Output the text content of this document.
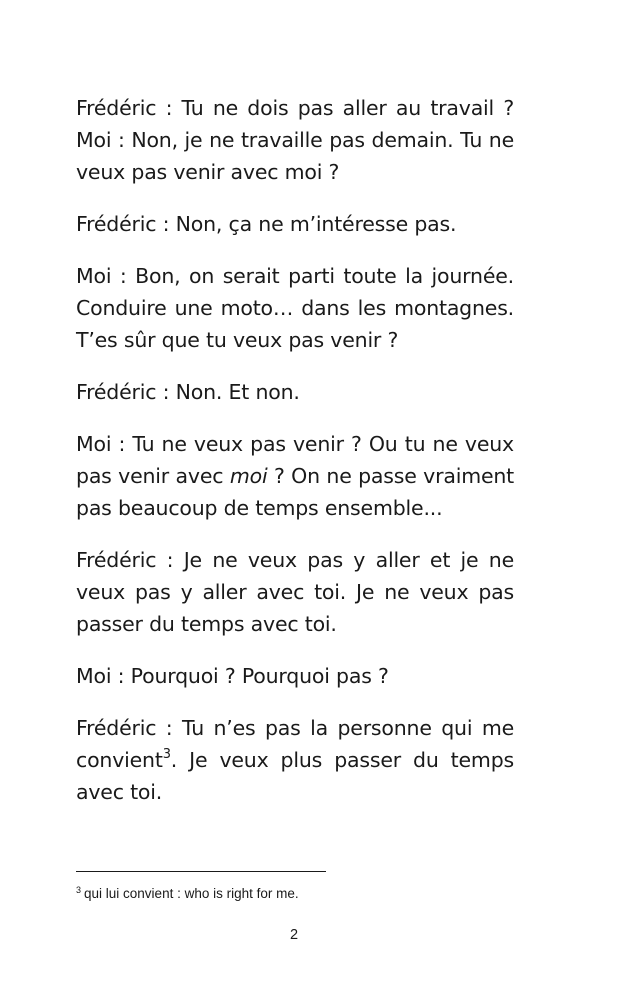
Frédéric : Tu ne dois pas aller au travail ? Moi : Non, je ne travaille pas demain. Tu ne veux pas venir avec moi ?

Frédéric : Non, ça ne m’intéresse pas.

Moi : Bon, on serait parti toute la journée. Conduire une moto… dans les montagnes. T’es sûr que tu veux pas venir ?

Frédéric : Non. Et non.

Moi : Tu ne veux pas venir ? Ou tu ne veux pas venir avec moi ? On ne passe vraiment pas beaucoup de temps ensemble...

Frédéric : Je ne veux pas y aller et je ne veux pas y aller avec toi. Je ne veux pas passer du temps avec toi.

Moi : Pourquoi ? Pourquoi pas ?

Frédéric : Tu n’es pas la personne qui me convient$^3$. Je veux plus passer du temps avec toi.

$^3$ qui lui convient : who is right for me.
2
